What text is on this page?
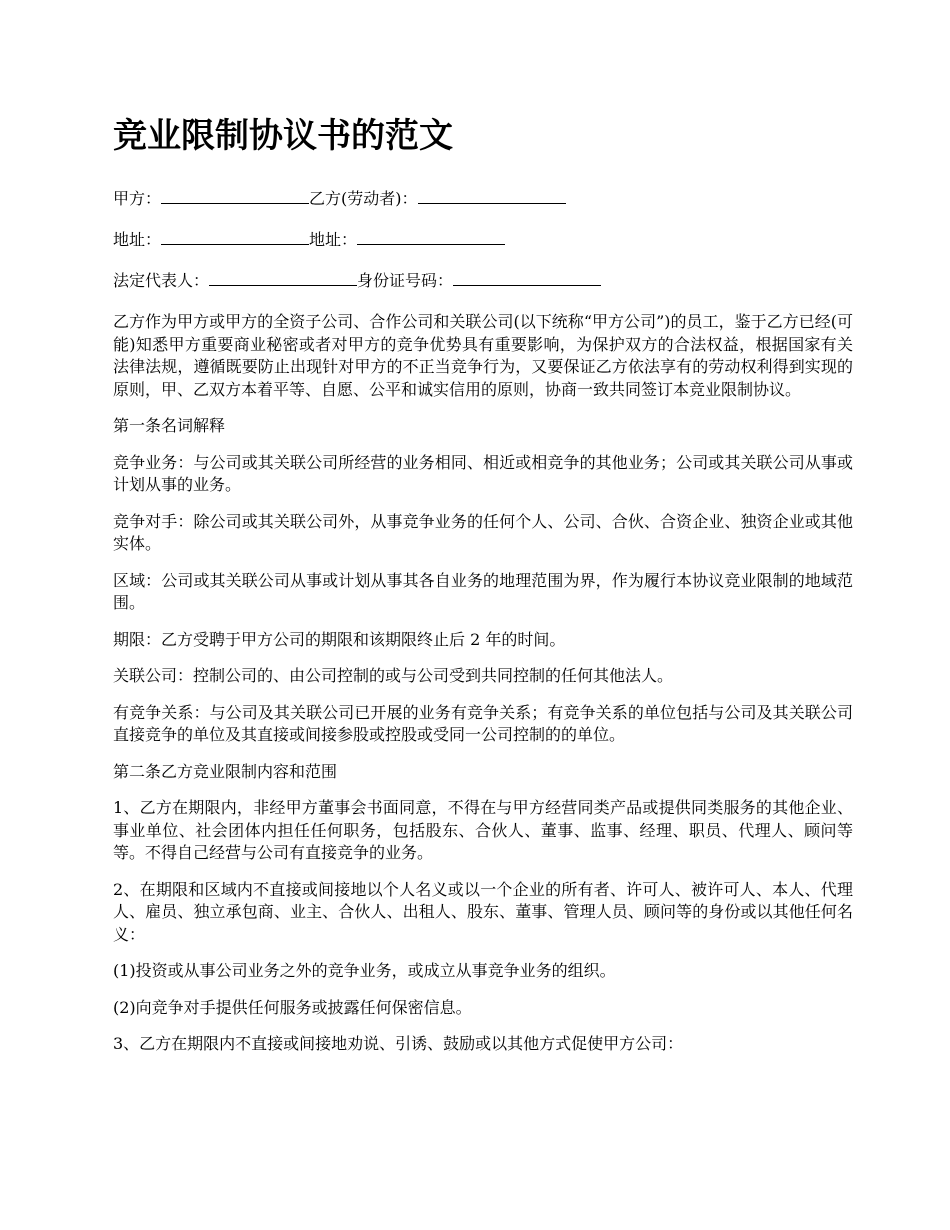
竞业限制协议书的范文

甲方：	乙方(劳动者)：

地址：	地址：

法定代表人：	身份证号码：

乙方作为甲方或甲方的全资子公司、合作公司和关联公司(以下统称“甲方公司”)的员工，鉴于乙方已经(可能)知悉甲方重要商业秘密或者对甲方的竞争优势具有重要影响，为保护双方的合法权益，根据国家有关法律法规，遵循既要防止出现针对甲方的不正当竞争行为，又要保证乙方依法享有的劳动权利得到实现的原则，甲、乙双方本着平等、自愿、公平和诚实信用的原则，协商一致共同签订本竞业限制协议。

第一条名词解释

竞争业务：与公司或其关联公司所经营的业务相同、相近或相竞争的其他业务；公司或其关联公司从事或计划从事的业务。

竞争对手：除公司或其关联公司外，从事竞争业务的任何个人、公司、合伙、合资企业、独资企业或其他实体。

区域：公司或其关联公司从事或计划从事其各自业务的地理范围为界，作为履行本协议竞业限制的地域范围。

期限：乙方受聘于甲方公司的期限和该期限终止后 2 年的时间。

关联公司：控制公司的、由公司控制的或与公司受到共同控制的任何其他法人。

有竞争关系：与公司及其关联公司已开展的业务有竞争关系；有竞争关系的单位包括与公司及其关联公司直接竞争的单位及其直接或间接参股或控股或受同一公司控制的的单位。

第二条乙方竞业限制内容和范围

1、乙方在期限内，非经甲方董事会书面同意，不得在与甲方经营同类产品或提供同类服务的其他企业、事业单位、社会团体内担任任何职务，包括股东、合伙人、董事、监事、经理、职员、代理人、顾问等等。不得自己经营与公司有直接竞争的业务。

2、在期限和区域内不直接或间接地以个人名义或以一个企业的所有者、许可人、被许可人、本人、代理人、雇员、独立承包商、业主、合伙人、出租人、股东、董事、管理人员、顾问等的身份或以其他任何名义：

(1)投资或从事公司业务之外的竞争业务，或成立从事竞争业务的组织。

(2)向竞争对手提供任何服务或披露任何保密信息。

3、乙方在期限内不直接或间接地劝说、引诱、鼓励或以其他方式促使甲方公司：
